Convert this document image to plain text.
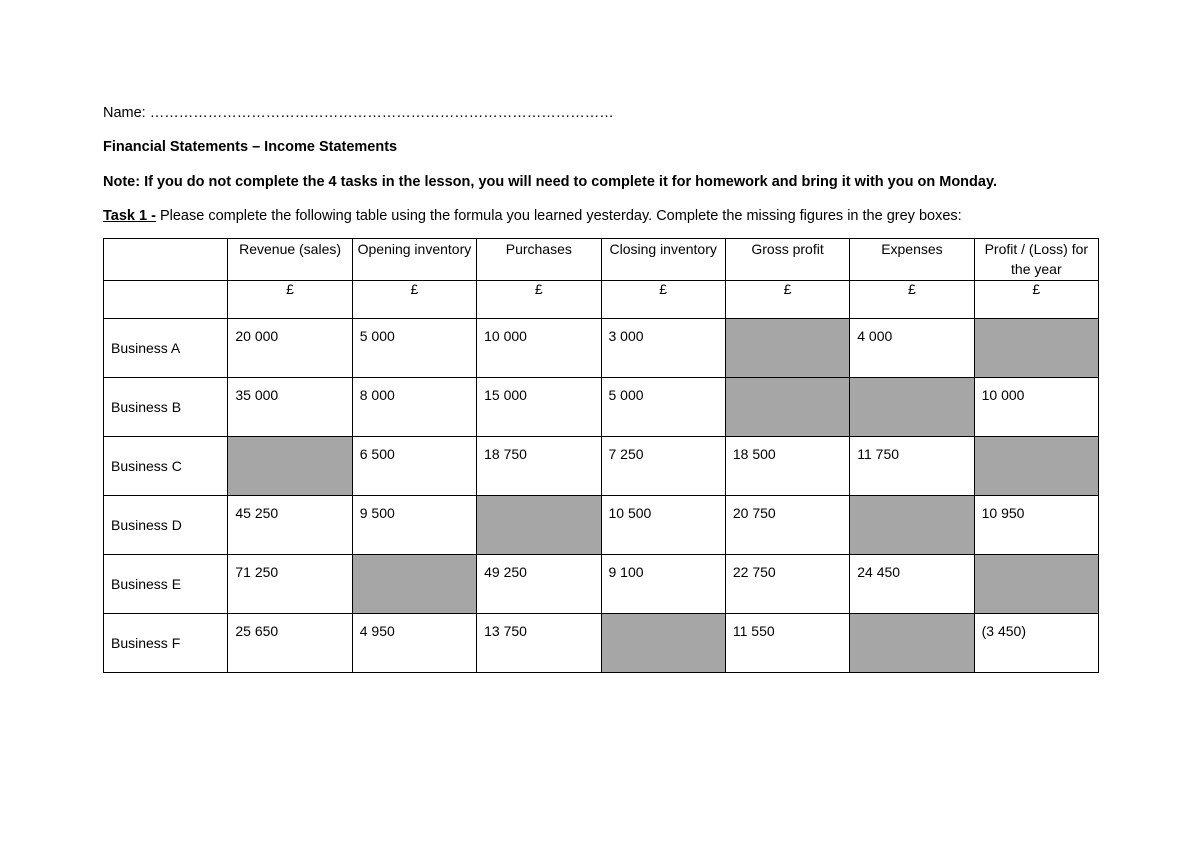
Name: ……………………………………………………………………………………
Financial Statements – Income Statements
Note: If you do not complete the 4 tasks in the lesson, you will need to complete it for homework and bring it with you on Monday.
Task 1 - Please complete the following table using the formula you learned yesterday. Complete the missing figures in the grey boxes:
	Revenue (sales)	Opening inventory	Purchases	Closing inventory	Gross profit	Expenses	Profit / (Loss) for the year
	£	£	£	£	£	£	£
Business A	20 000	5 000	10 000	3 000		4 000	
Business B	35 000	8 000	15 000	5 000			10 000
Business C		6 500	18 750	7 250	18 500	11 750	
Business D	45 250	9 500		10 500	20 750		10 950
Business E	71 250		49 250	9 100	22 750	24 450	
Business F	25 650	4 950	13 750		11 550		(3 450)
